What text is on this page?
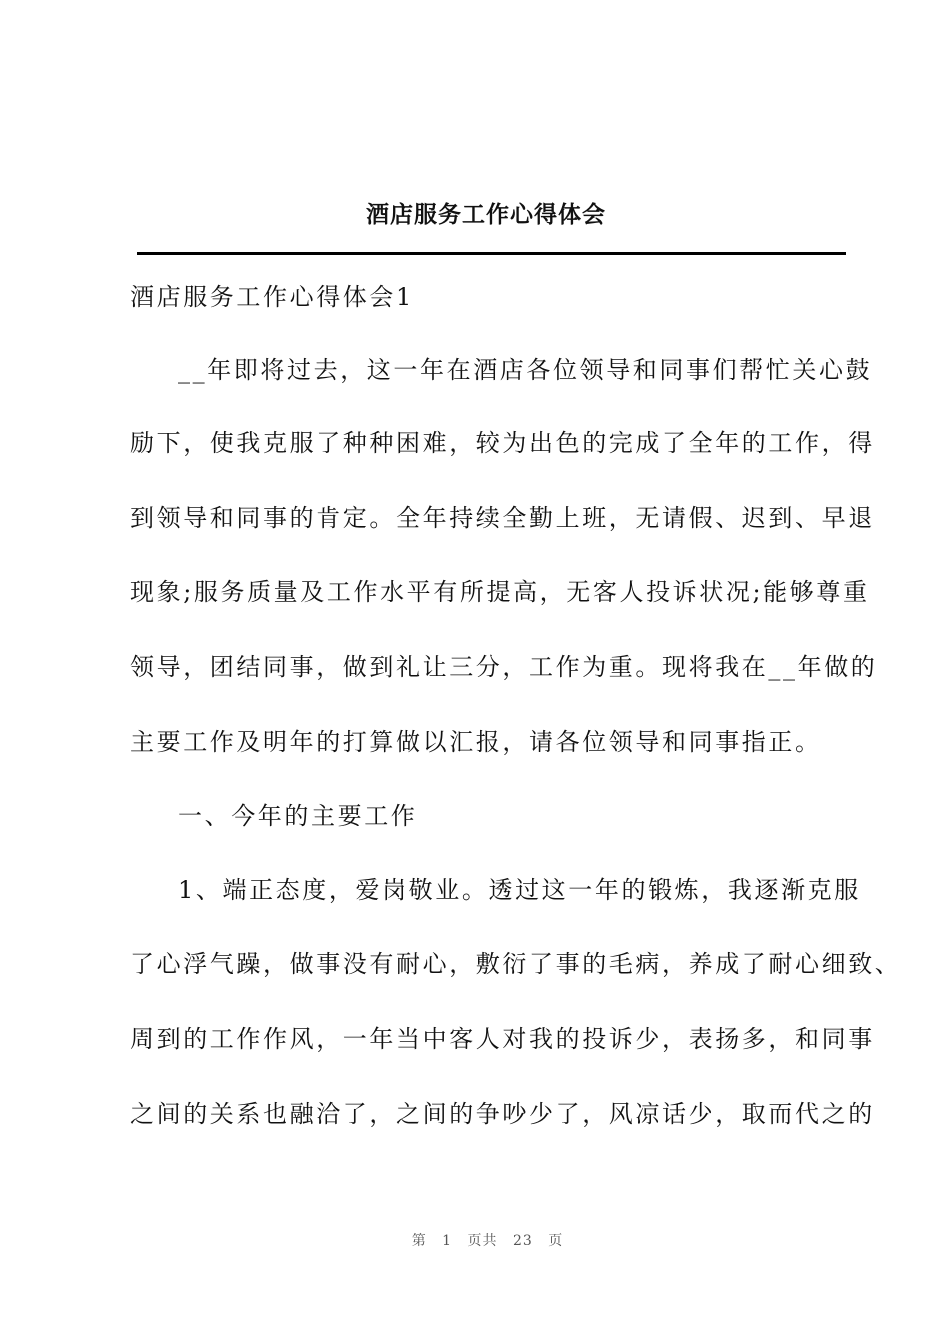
酒店服务工作心得体会
酒店服务工作心得体会1
__年即将过去，这一年在酒店各位领导和同事们帮忙关心鼓
励下，使我克服了种种困难，较为出色的完成了全年的工作，得
到领导和同事的肯定。全年持续全勤上班，无请假、迟到、早退
现象;服务质量及工作水平有所提高，无客人投诉状况;能够尊重
领导，团结同事，做到礼让三分，工作为重。现将我在__年做的
主要工作及明年的打算做以汇报，请各位领导和同事指正。
一、今年的主要工作
1、端正态度，爱岗敬业。透过这一年的锻炼，我逐渐克服
了心浮气躁，做事没有耐心，敷衍了事的毛病，养成了耐心细致、
周到的工作作风，一年当中客人对我的投诉少，表扬多，和同事
之间的关系也融洽了，之间的争吵少了，风凉话少，取而代之的
第 1 页共 23 页
